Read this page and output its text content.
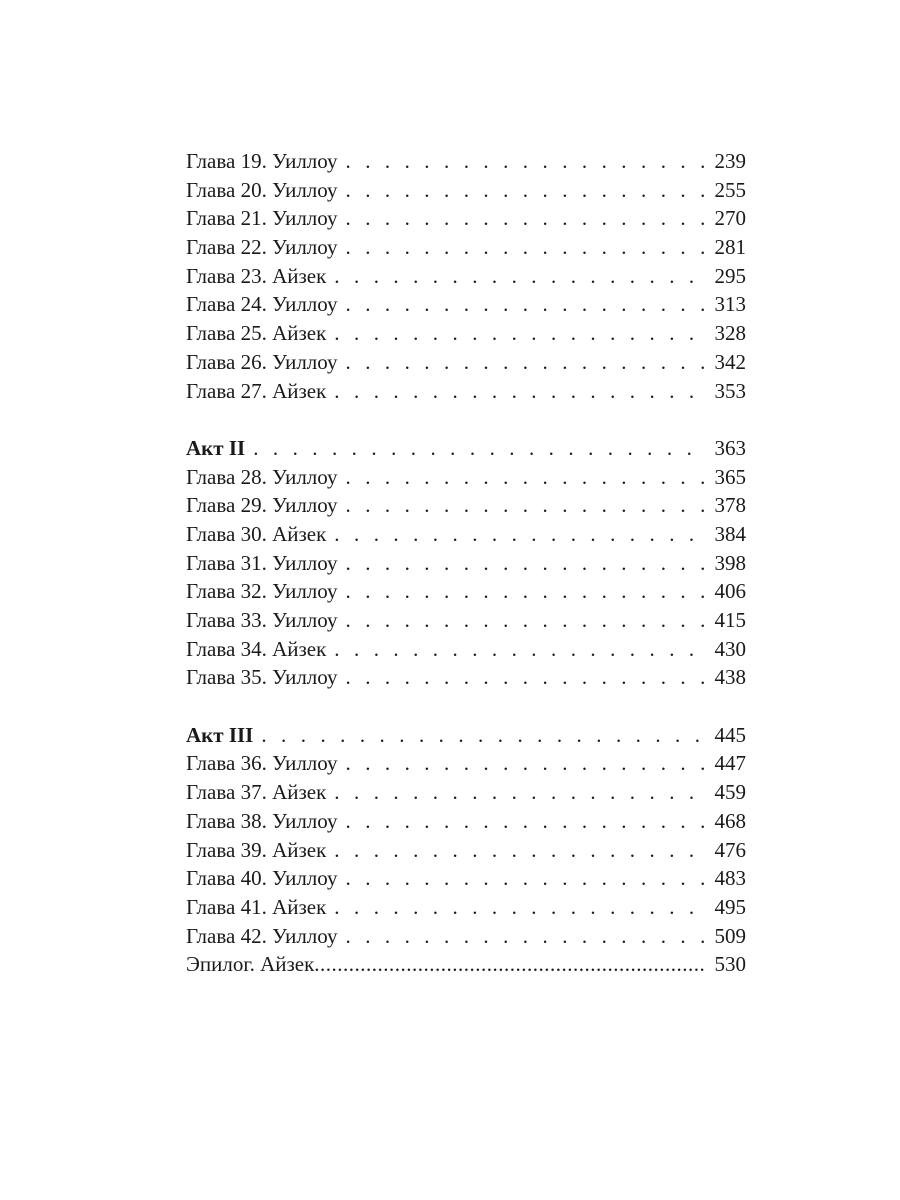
Глава 19. Уиллоу . . .	239
Глава 20. Уиллоу . . .	255
Глава 21. Уиллоу . . .	270
Глава 22. Уиллоу . . .	281
Глава 23. Айзек . . .	295
Глава 24. Уиллоу . . .	313
Глава 25. Айзек . . .	328
Глава 26. Уиллоу . . .	342
Глава 27. Айзек . . .	353
Акт II . . .	363
Глава 28. Уиллоу . . .	365
Глава 29. Уиллоу . . .	378
Глава 30. Айзек . . .	384
Глава 31. Уиллоу . . .	398
Глава 32. Уиллоу . . .	406
Глава 33. Уиллоу . . .	415
Глава 34. Айзек . . .	430
Глава 35. Уиллоу . . .	438
Акт III . . .	445
Глава 36. Уиллоу . . .	447
Глава 37. Айзек . . .	459
Глава 38. Уиллоу . . .	468
Глава 39. Айзек . . .	476
Глава 40. Уиллоу . . .	483
Глава 41. Айзек . . .	495
Глава 42. Уиллоу . . .	509
Эпилог. Айзек .....	530
